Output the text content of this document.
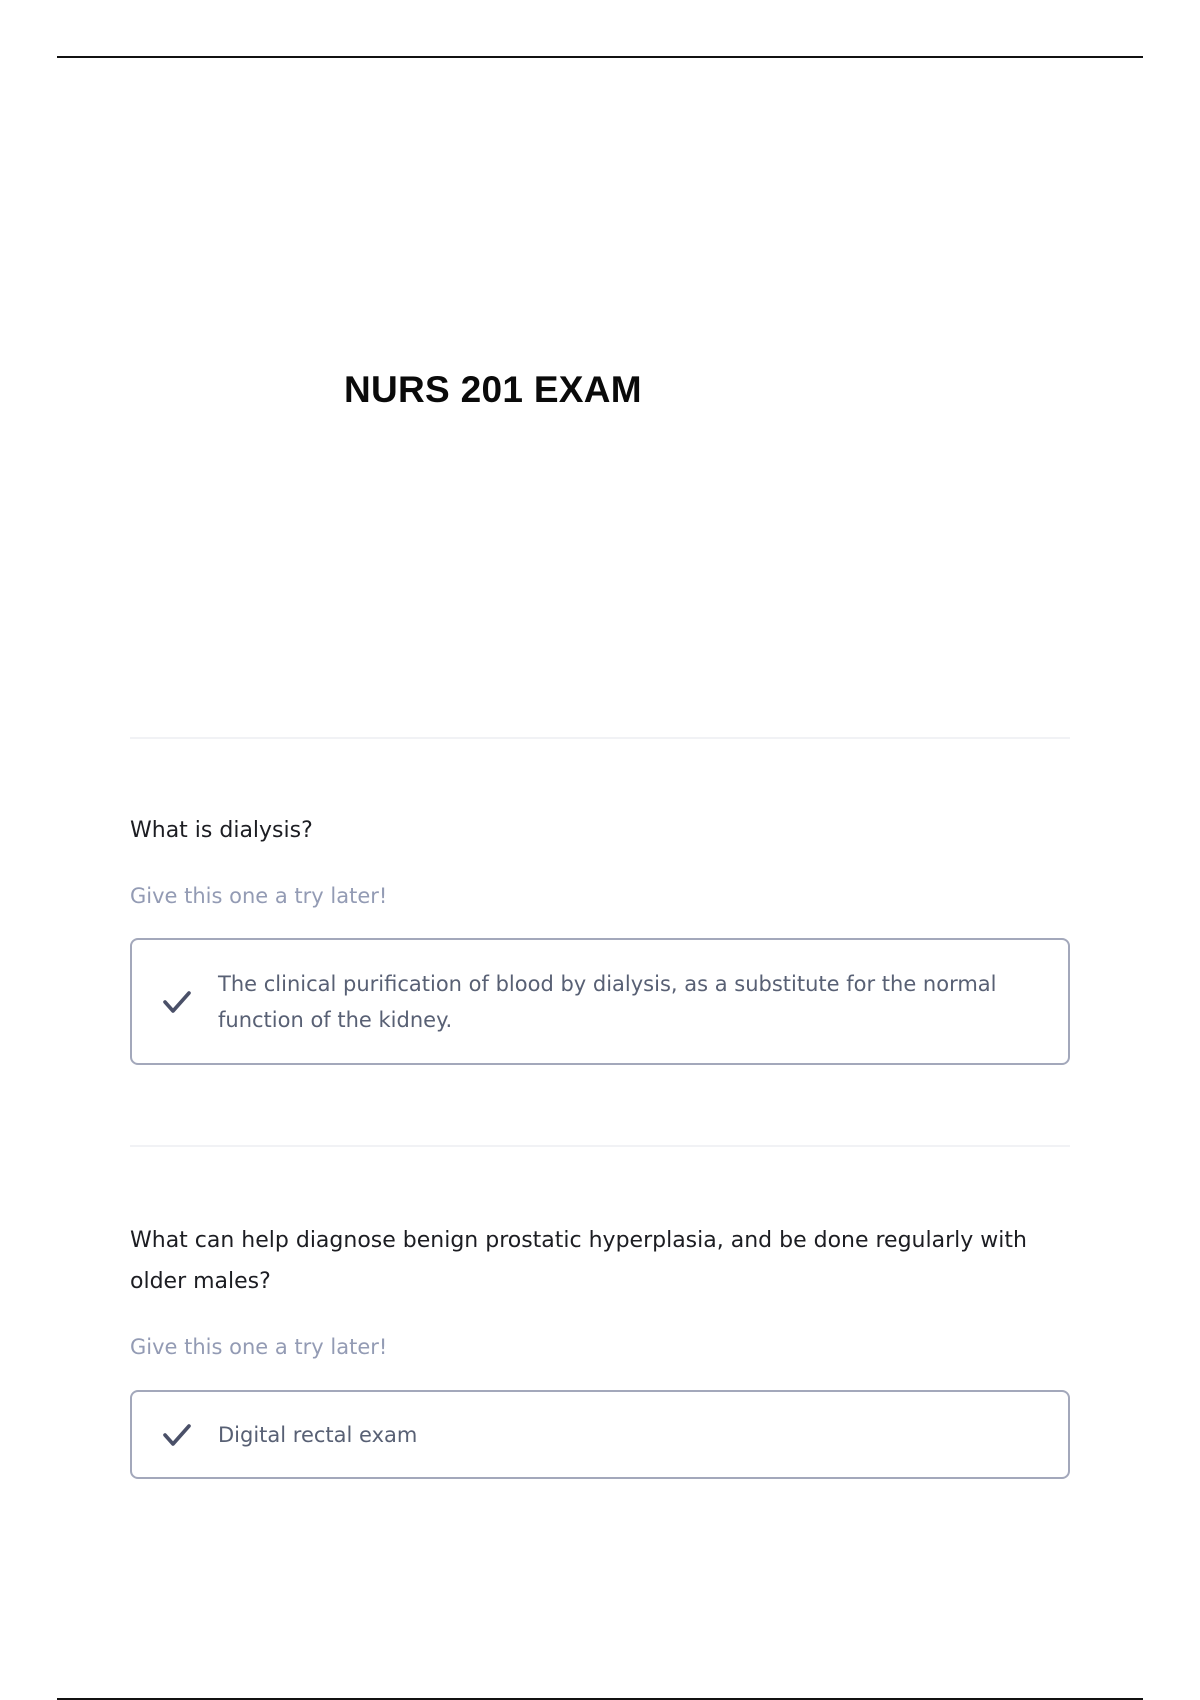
NURS 201 EXAM

What is dialysis?

Give this one a try later!

The clinical purification of blood by dialysis, as a substitute for the normal function of the kidney.

What can help diagnose benign prostatic hyperplasia, and be done regularly with older males?

Give this one a try later!

Digital rectal exam
